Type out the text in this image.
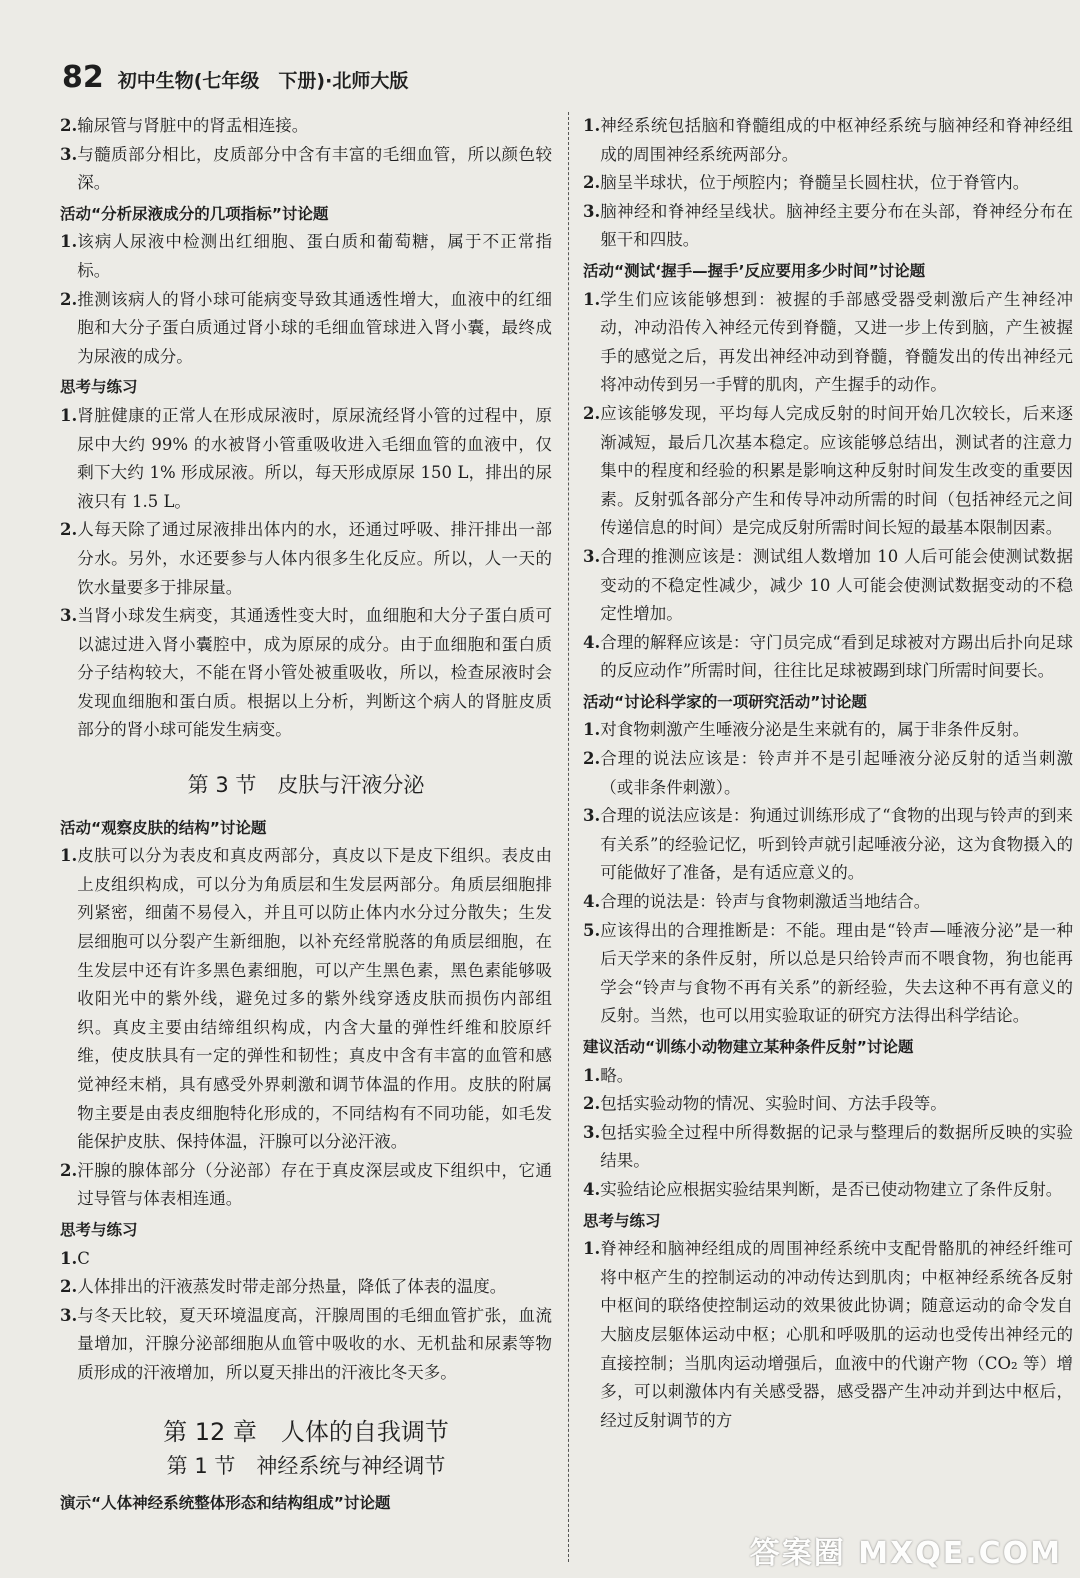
82 初中生物(七年级　下册)·北师大版
2. 输尿管与肾脏中的肾盂相连接。
3. 与髓质部分相比，皮质部分中含有丰富的毛细血管，所以颜色较深。
活动“分析尿液成分的几项指标”讨论题
1. 该病人尿液中检测出红细胞、蛋白质和葡萄糖，属于不正常指标。
2. 推测该病人的肾小球可能病变导致其通透性增大，血液中的红细胞和大分子蛋白质通过肾小球的毛细血管球进入肾小囊，最终成为尿液的成分。
思考与练习
1. 肾脏健康的正常人在形成尿液时，原尿流经肾小管的过程中，原尿中大约 99% 的水被肾小管重吸收进入毛细血管的血液中，仅剩下大约 1% 形成尿液。所以，每天形成原尿 150 L，排出的尿液只有 1.5 L。
2. 人每天除了通过尿液排出体内的水，还通过呼吸、排汗排出一部分水。另外，水还要参与人体内很多生化反应。所以，人一天的饮水量要多于排尿量。
3. 当肾小球发生病变，其通透性变大时，血细胞和大分子蛋白质可以滤过进入肾小囊腔中，成为原尿的成分。由于血细胞和蛋白质分子结构较大，不能在肾小管处被重吸收，所以，检查尿液时会发现血细胞和蛋白质。根据以上分析，判断这个病人的肾脏皮质部分的肾小球可能发生病变。
第 3 节　皮肤与汗液分泌
活动“观察皮肤的结构”讨论题
1. 皮肤可以分为表皮和真皮两部分，真皮以下是皮下组织。表皮由上皮组织构成，可以分为角质层和生发层两部分。角质层细胞排列紧密，细菌不易侵入，并且可以防止体内水分过分散失；生发层细胞可以分裂产生新细胞，以补充经常脱落的角质层细胞，在生发层中还有许多黑色素细胞，可以产生黑色素，黑色素能够吸收阳光中的紫外线，避免过多的紫外线穿透皮肤而损伤内部组织。真皮主要由结缔组织构成，内含大量的弹性纤维和胶原纤维，使皮肤具有一定的弹性和韧性；真皮中含有丰富的血管和感觉神经末梢，具有感受外界刺激和调节体温的作用。皮肤的附属物主要是由表皮细胞特化形成的，不同结构有不同功能，如毛发能保护皮肤、保持体温，汗腺可以分泌汗液。
2. 汗腺的腺体部分（分泌部）存在于真皮深层或皮下组织中，它通过导管与体表相连通。
思考与练习
1. C
2. 人体排出的汗液蒸发时带走部分热量，降低了体表的温度。
3. 与冬天比较，夏天环境温度高，汗腺周围的毛细血管扩张，血流量增加，汗腺分泌部细胞从血管中吸收的水、无机盐和尿素等物质形成的汗液增加，所以夏天排出的汗液比冬天多。
第 12 章　人体的自我调节
第 1 节　神经系统与神经调节
演示“人体神经系统整体形态和结构组成”讨论题
1. 神经系统包括脑和脊髓组成的中枢神经系统与脑神经和脊神经组成的周围神经系统两部分。
2. 脑呈半球状，位于颅腔内；脊髓呈长圆柱状，位于脊管内。
3. 脑神经和脊神经呈线状。脑神经主要分布在头部，脊神经分布在躯干和四肢。
活动“测试‘握手—握手’反应要用多少时间”讨论题
1. 学生们应该能够想到：被握的手部感受器受刺激后产生神经冲动，冲动沿传入神经元传到脊髓，又进一步上传到脑，产生被握手的感觉之后，再发出神经冲动到脊髓，脊髓发出的传出神经元将冲动传到另一手臂的肌肉，产生握手的动作。
2. 应该能够发现，平均每人完成反射的时间开始几次较长，后来逐渐减短，最后几次基本稳定。应该能够总结出，测试者的注意力集中的程度和经验的积累是影响这种反射时间发生改变的重要因素。反射弧各部分产生和传导冲动所需的时间（包括神经元之间传递信息的时间）是完成反射所需时间长短的最基本限制因素。
3. 合理的推测应该是：测试组人数增加 10 人后可能会使测试数据变动的不稳定性减少，减少 10 人可能会使测试数据变动的不稳定性增加。
4. 合理的解释应该是：守门员完成“看到足球被对方踢出后扑向足球的反应动作”所需时间，往往比足球被踢到球门所需时间要长。
活动“讨论科学家的一项研究活动”讨论题
1. 对食物刺激产生唾液分泌是生来就有的，属于非条件反射。
2. 合理的说法应该是：铃声并不是引起唾液分泌反射的适当刺激（或非条件刺激）。
3. 合理的说法应该是：狗通过训练形成了“食物的出现与铃声的到来有关系”的经验记忆，听到铃声就引起唾液分泌，这为食物摄入的可能做好了准备，是有适应意义的。
4. 合理的说法是：铃声与食物刺激适当地结合。
5. 应该得出的合理推断是：不能。理由是“铃声—唾液分泌”是一种后天学来的条件反射，所以总是只给铃声而不喂食物，狗也能再学会“铃声与食物不再有关系”的新经验，失去这种不再有意义的反射。当然，也可以用实验取证的研究方法得出科学结论。
建议活动“训练小动物建立某种条件反射”讨论题
1. 略。
2. 包括实验动物的情况、实验时间、方法手段等。
3. 包括实验全过程中所得数据的记录与整理后的数据所反映的实验结果。
4. 实验结论应根据实验结果判断，是否已使动物建立了条件反射。
思考与练习
1. 脊神经和脑神经组成的周围神经系统中支配骨骼肌的神经纤维可将中枢产生的控制运动的冲动传达到肌肉；中枢神经系统各反射中枢间的联络使控制运动的效果彼此协调；随意运动的命令发自大脑皮层躯体运动中枢；心肌和呼吸肌的运动也受传出神经元的直接控制；当肌肉运动增强后，血液中的代谢产物（CO₂ 等）增多，可以刺激体内有关感受器，感受器产生冲动并到达中枢后，经过反射调节的方
答案圈 MXQE.COM
